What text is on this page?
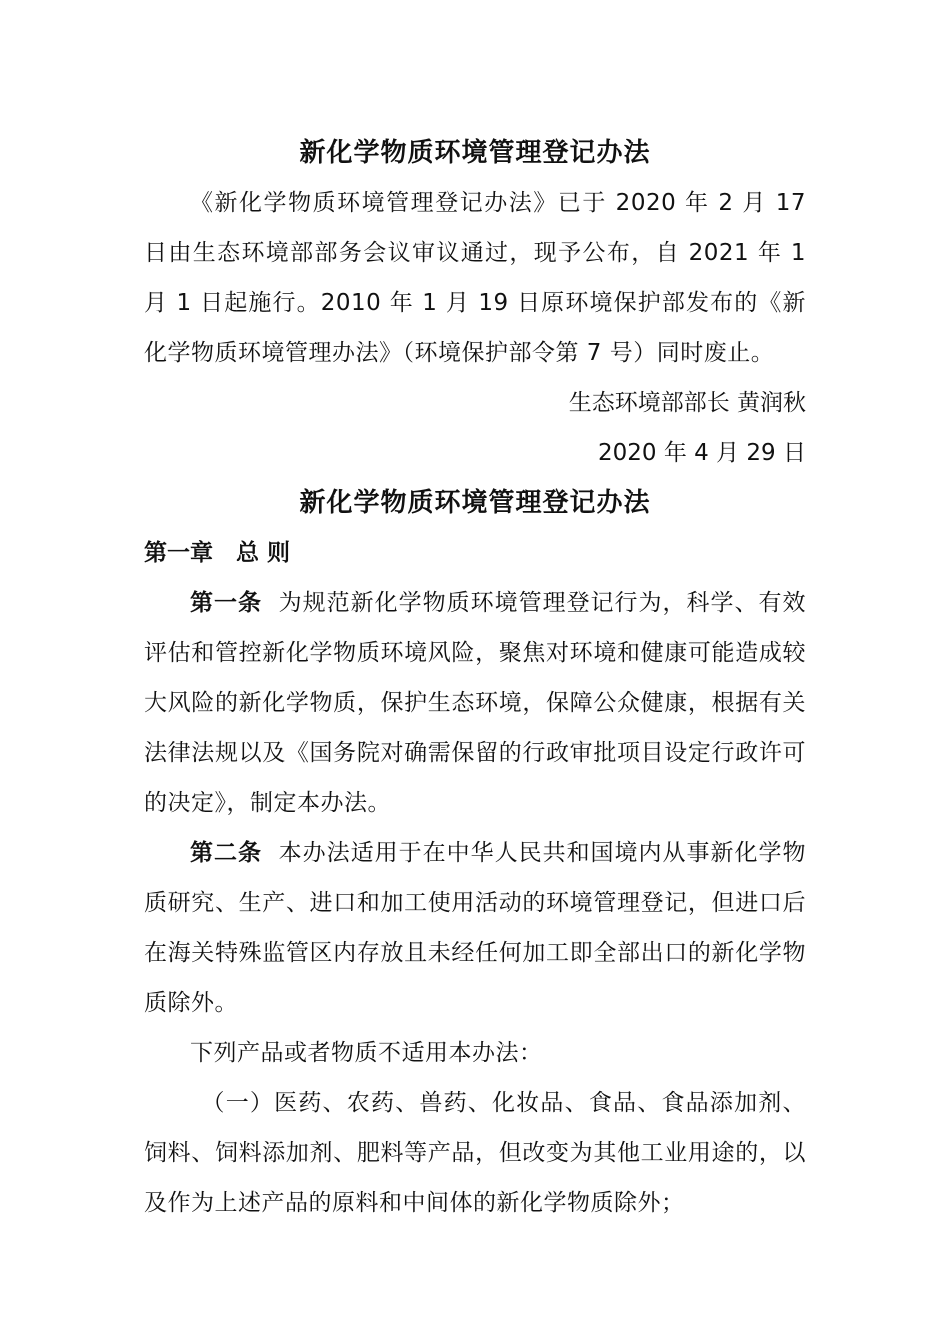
新化学物质环境管理登记办法

《新化学物质环境管理登记办法》已于 2020 年 2 月 17 日由生态环境部部务会议审议通过，现予公布，自 2021 年 1 月 1 日起施行。2010 年 1 月 19 日原环境保护部发布的《新化学物质环境管理办法》（环境保护部令第 7 号）同时废止。

生态环境部部长 黄润秋

2020 年 4 月 29 日

新化学物质环境管理登记办法

第一章　总 则

第一条 为规范新化学物质环境管理登记行为，科学、有效评估和管控新化学物质环境风险，聚焦对环境和健康可能造成较大风险的新化学物质，保护生态环境，保障公众健康，根据有关法律法规以及《国务院对确需保留的行政审批项目设定行政许可的决定》，制定本办法。

第二条 本办法适用于在中华人民共和国境内从事新化学物质研究、生产、进口和加工使用活动的环境管理登记，但进口后在海关特殊监管区内存放且未经任何加工即全部出口的新化学物质除外。

下列产品或者物质不适用本办法：

（一）医药、农药、兽药、化妆品、食品、食品添加剂、饲料、饲料添加剂、肥料等产品，但改变为其他工业用途的，以及作为上述产品的原料和中间体的新化学物质除外；
